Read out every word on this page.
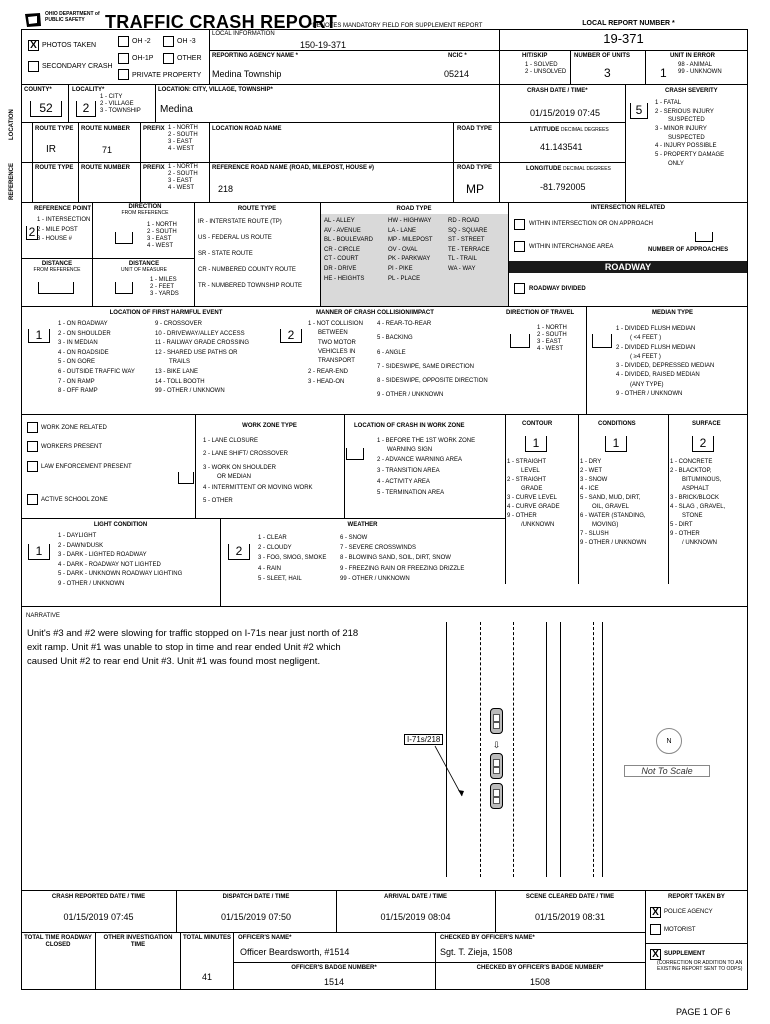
OHIO DEPARTMENT of PUBLIC SAFETY	TRAFFIC CRASH REPORT
*DENOTES MANDATORY FIELD FOR SUPPLEMENT REPORT	LOCAL REPORT NUMBER *
X PHOTOS TAKEN
SECONDARY CRASH
OH -2	OH -3
OH-1P	OTHER
PRIVATE PROPERTY
LOCAL INFORMATION
150-19-371
REPORTING AGENCY NAME *
Medina Township
NCIC *
05214
19-371
HIT/SKIP
1 - SOLVED
2 - UNSOLVED
NUMBER OF UNITS
3
UNIT IN ERROR
1
98 - ANIMAL
99 - UNKNOWN
COUNTY*
52
LOCALITY*
2
1 - CITY
2 - VILLAGE
3 - TOWNSHIP
LOCATION: CITY, VILLAGE, TOWNSHIP*
Medina
CRASH DATE / TIME*
01/15/2019 07:45
CRASH SEVERITY
5	1 - FATAL
2 - SERIOUS INJURY
SUSPECTED
3 - MINOR INJURY
SUSPECTED
4 - INJURY POSSIBLE
5 - PROPERTY DAMAGE
ONLY
LOCATION
REFERENCE
ROUTE TYPE ROUTE NUMBER PREFIX 1 - NORTH
2 - SOUTH
3 - EAST
4 - WEST
IR	71
LOCATION ROAD NAME	ROAD TYPE	LATITUDE DECIMAL DEGREES
41.143541
ROUTE TYPE ROUTE NUMBER PREFIX 1 - NORTH
2 - SOUTH
3 - EAST
4 - WEST
REFERENCE ROAD NAME (ROAD, MILEPOST, HOUSE #)
218
ROAD TYPE
MP
LONGITUDE DECIMAL DEGREES
-81.792005
REFERENCE POINT
1 - INTERSECTION
2 - MILE POST
3 - HOUSE #
2
DIRECTION
FROM REFERENCE
1 - NORTH
2 - SOUTH
3 - EAST
4 - WEST
DISTANCE
FROM REFERENCE
DISTANCE
UNIT OF MEASURE
1 - MILES
2 - FEET
3 - YARDS
ROUTE TYPE
IR - INTERSTATE ROUTE (TP)
US - FEDERAL US ROUTE
SR - STATE ROUTE
CR - NUMBERED COUNTY ROUTE
TR - NUMBERED TOWNSHIP ROUTE
ROAD TYPE
AL - ALLEY
AV - AVENUE
BL - BOULEVARD
CR - CIRCLE
CT - COURT
DR - DRIVE
HE - HEIGHTS
HW - HIGHWAY
LA - LANE
MP - MILEPOST
OV - OVAL
PK - PARKWAY
PI - PIKE
PL - PLACE
RD - ROAD
SQ - SQUARE
ST - STREET
TE - TERRACE
TL - TRAIL
WA - WAY
INTERSECTION RELATED
WITHIN INTERSECTION OR ON APPROACH
WITHIN INTERCHANGE AREA	NUMBER OF APPROACHES
ROADWAY
ROADWAY DIVIDED
LOCATION OF FIRST HARMFUL EVENT
1
1 - ON ROADWAY
2 - ON SHOULDER
3 - IN MEDIAN
4 - ON ROADSIDE
5 - ON GORE
6 - OUTSIDE TRAFFIC WAY
7 - ON RAMP
8 - OFF RAMP
9 - CROSSOVER
10 - DRIVEWAY/ALLEY ACCESS
11 - RAILWAY GRADE CROSSING
12 - SHARED USE PATHS OR
TRAILS
13 - BIKE LANE
14 - TOLL BOOTH
99 - OTHER / UNKNOWN
MANNER OF CRASH COLLISION/IMPACT
2
1 - NOT COLLISION
BETWEEN
TWO MOTOR
VEHICLES IN
TRANSPORT
2 - REAR-END
3 - HEAD-ON
4 - REAR-TO-REAR
5 - BACKING
6 - ANGLE
7 - SIDESWIPE, SAME DIRECTION
8 - SIDESWIPE, OPPOSITE DIRECTION
9 - OTHER / UNKNOWN
DIRECTION OF TRAVEL
1 - NORTH
2 - SOUTH
3 - EAST
4 - WEST
MEDIAN TYPE
1 - DIVIDED FLUSH MEDIAN
( <4 FEET )
2 - DIVIDED FLUSH MEDIAN
( ≥4 FEET )
3 - DIVIDED, DEPRESSED MEDIAN
4 - DIVIDED, RAISED MEDIAN
(ANY TYPE)
9 - OTHER / UNKNOWN
WORK ZONE RELATED
WORKERS PRESENT
LAW ENFORCEMENT PRESENT
ACTIVE SCHOOL ZONE
WORK ZONE TYPE
1 - LANE CLOSURE
2 - LANE SHIFT/ CROSSOVER
3 - WORK ON SHOULDER
OR MEDIAN
4 - INTERMITTENT OR MOVING WORK
5 - OTHER
LOCATION OF CRASH IN WORK ZONE
1 - BEFORE THE 1ST WORK ZONE
WARNING SIGN
2 - ADVANCE WARNING AREA
3 - TRANSITION AREA
4 - ACTIVITY AREA
5 - TERMINATION AREA
CONTOUR
1
1 - STRAIGHT
LEVEL
2 - STRAIGHT
GRADE
3 - CURVE LEVEL
4 - CURVE GRADE
9 - OTHER
/UNKNOWN
CONDITIONS
1
1 - DRY
2 - WET
3 - SNOW
4 - ICE
5 - SAND, MUD, DIRT,
OIL, GRAVEL
6 - WATER (STANDING,
MOVING)
7 - SLUSH
9 - OTHER / UNKNOWN
SURFACE
2
1 - CONCRETE
2 - BLACKTOP,
BITUMINOUS,
ASPHALT
3 - BRICK/BLOCK
4 - SLAG , GRAVEL,
STONE
5 - DIRT
9 - OTHER
/ UNKNOWN
LIGHT CONDITION
1
1 - DAYLIGHT
2 - DAWN/DUSK
3 - DARK - LIGHTED ROADWAY
4 - DARK - ROADWAY NOT LIGHTED
5 - DARK - UNKNOWN ROADWAY LIGHTING
9 - OTHER / UNKNOWN
WEATHER
2
1 - CLEAR
2 - CLOUDY
3 - FOG, SMOG, SMOKE
4 - RAIN
5 - SLEET, HAIL
6 - SNOW
7 - SEVERE CROSSWINDS
8 - BLOWING SAND, SOIL, DIRT, SNOW
9 - FREEZING RAIN OR FREEZING DRIZZLE
99 - OTHER / UNKNOWN
NARRATIVE
Unit's #3 and #2 were slowing for traffic stopped on I-71s near just north of 218 exit ramp. Unit #1 was unable to stop in time and rear ended Unit #2 which caused Unit #2 to rear end Unit #3. Unit #1 was found most negligent.
⇩
I-71s/218	N
Not To Scale
CRASH REPORTED DATE / TIME
01/15/2019 07:45
DISPATCH DATE / TIME
01/15/2019 07:50
ARRIVAL DATE / TIME
01/15/2019 08:04
SCENE CLEARED DATE / TIME
01/15/2019 08:31
REPORT TAKEN BY
X POLICE AGENCY
MOTORIST
X SUPPLEMENT
(CORRECTION OR ADDITION TO AN EXISTING REPORT SENT TO ODPS)
TOTAL TIME ROADWAY CLOSED
OTHER INVESTIGATION TIME
TOTAL MINUTES
41
OFFICER'S NAME*
Officer Beardsworth, #1514
CHECKED BY OFFICER'S NAME*
Sgt. T. Zieja, 1508
OFFICER'S BADGE NUMBER*
1514
CHECKED BY OFFICER'S BADGE NUMBER*
1508
PAGE 1 OF 6
